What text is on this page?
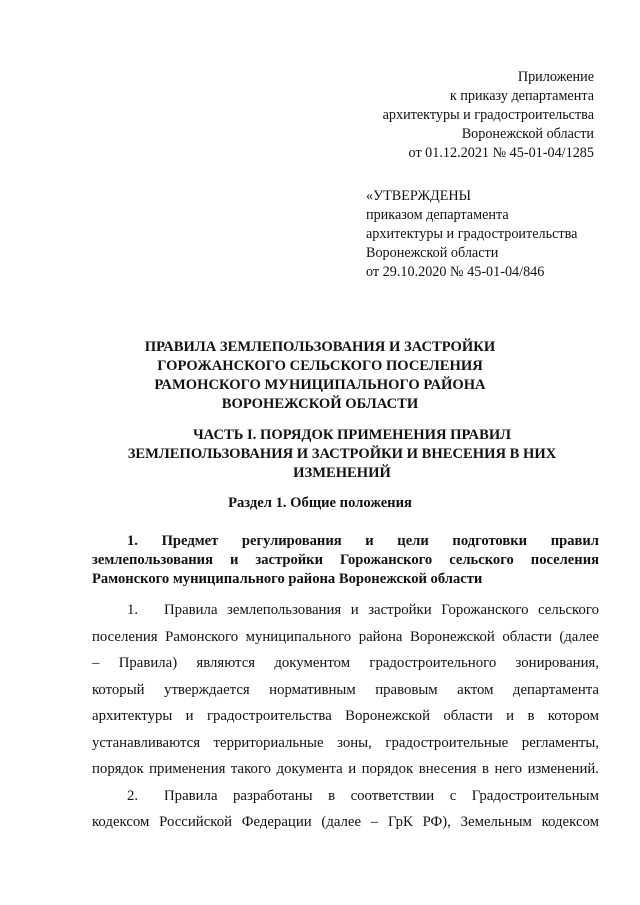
Приложение
к приказу департамента
архитектуры и градостроительства
Воронежской области
от 01.12.2021 № 45-01-04/1285
«УТВЕРЖДЕНЫ
приказом департамента
архитектуры и градостроительства
Воронежской области
от 29.10.2020 № 45-01-04/846
ПРАВИЛА ЗЕМЛЕПОЛЬЗОВАНИЯ И ЗАСТРОЙКИ
ГОРОЖАНСКОГО СЕЛЬСКОГО ПОСЕЛЕНИЯ
РАМОНСКОГО МУНИЦИПАЛЬНОГО РАЙОНА
ВОРОНЕЖСКОЙ ОБЛАСТИ
ЧАСТЬ I. ПОРЯДОК ПРИМЕНЕНИЯ ПРАВИЛ
ЗЕМЛЕПОЛЬЗОВАНИЯ И ЗАСТРОЙКИ И ВНЕСЕНИЯ В НИХ
ИЗМЕНЕНИЙ
Раздел 1. Общие положения
1. Предмет регулирования и цели подготовки правил
землепользования и застройки Горожанского сельского поселения
Рамонского муниципального района Воронежской области
1. Правила землепользования и застройки Горожанского сельского
поселения Рамонского муниципального района Воронежской области (далее
– Правила) являются документом градостроительного зонирования,
который утверждается нормативным правовым актом департамента
архитектуры и градостроительства Воронежской области и в котором
устанавливаются территориальные зоны, градостроительные регламенты,
порядок применения такого документа и порядок внесения в него изменений.
2. Правила разработаны в соответствии с Градостроительным
кодексом Российской Федерации (далее – ГрК РФ), Земельным кодексом
